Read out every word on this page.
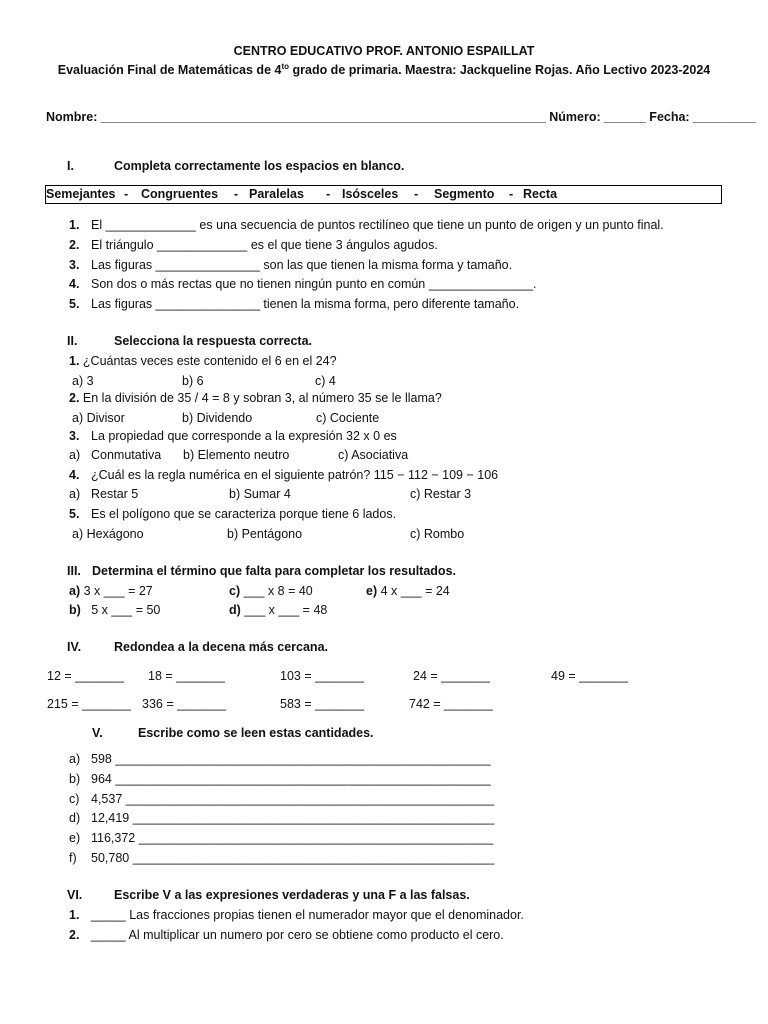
CENTRO EDUCATIVO PROF. ANTONIO ESPAILLAT
Evaluación Final de Matemáticas de $4^{to}$ grado de primaria. Maestra: Jackqueline Rojas. Año Lectivo 2023-2024
Nombre: ________________________________________________________________ Número: ______ Fecha: _________
I.	Completa correctamente los espacios en blanco.
Semejantes - Congruentes - Paralelas - Isósceles - Segmento - Recta
1. El _____________ es una secuencia de puntos rectilíneo que tiene un punto de origen y un punto final.
2. El triángulo _____________ es el que tiene 3 ángulos agudos.
3. Las figuras _______________ son las que tienen la misma forma y tamaño.
4. Son dos o más rectas que no tienen ningún punto en común _______________.
5. Las figuras _______________ tienen la misma forma, pero diferente tamaño.
II.	Selecciona la respuesta correcta.
1. ¿Cuántas veces este contenido el 6 en el 24?
a) 3	b) 6	c) 4
2. En la división de 35 / 4 = 8 y sobran 3, al número 35 se le llama?
a) Divisor	b) Dividendo	c) Cociente
3. La propiedad que corresponde a la expresión 32 x 0 es
a) Conmutativa b) Elemento neutro	c) Asociativa
4. ¿Cuál es la regla numérica en el siguiente patrón? 115 − 112 − 109 − 106
a) Restar 5	b) Sumar 4	c) Restar 3
5. Es el polígono que se caracteriza porque tiene 6 lados.
a) Hexágono	b) Pentágono	c) Rombo
III. Determina el término que falta para completar los resultados.
a) 3 x ___ = 27	c) ___ x 8 = 40	e) 4 x ___ = 24
b) 5 x ___ = 50	d) ___ x ___ = 48
IV.	Redondea a la decena más cercana.
12 = _______ 18 = _______	103 = _______	24 = _______	49 = _______
215 = _______ 336 = _______	583 = _______	742 = _______
V.	Escribe como se leen estas cantidades.
a) 598 ______________________________________________________
b) 964 ______________________________________________________
c) 4,537 _____________________________________________________
d) 12,419 ____________________________________________________
e) 116,372 ___________________________________________________
f) 50,780 ____________________________________________________
VI.	Escribe V a las expresiones verdaderas y una F a las falsas.
1. _____ Las fracciones propias tienen el numerador mayor que el denominador.
2. _____ Al multiplicar un numero por cero se obtiene como producto el cero.
